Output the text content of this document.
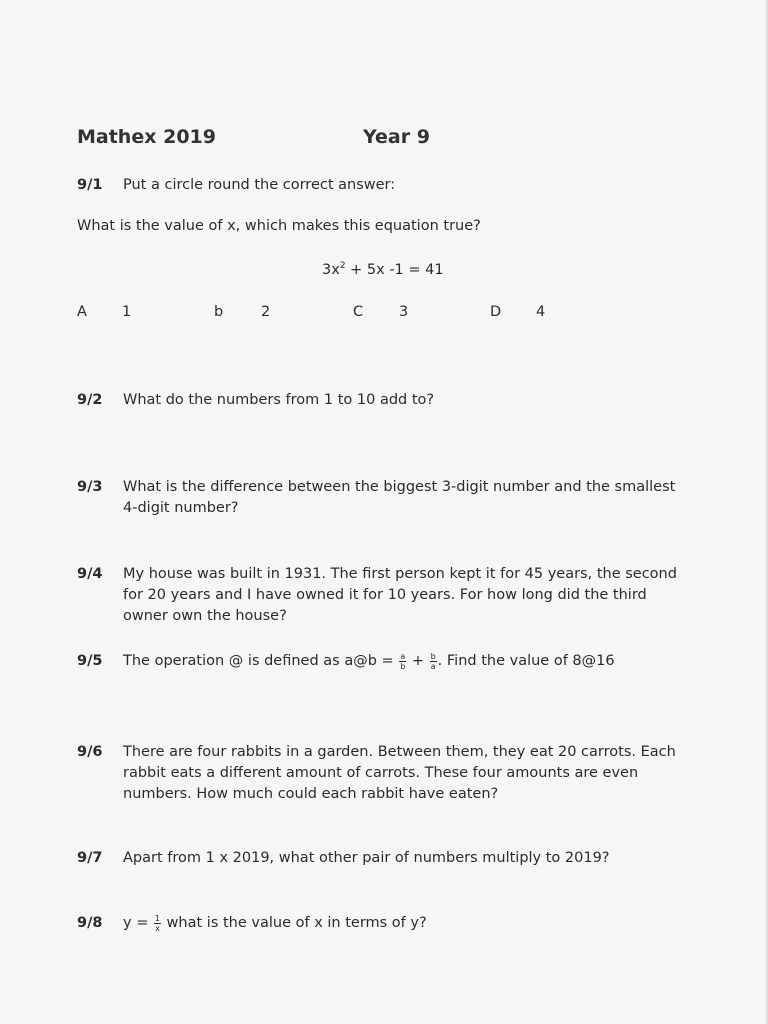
Mathex 2019	Year 9
9/1 Put a circle round the correct answer:
What is the value of x, which makes this equation true?
$3x^2 + 5x$ -1 = 41
A 1	b	2	C 3	D 4
9/2 What do the numbers from 1 to 10 add to?
9/3 What is the difference between the biggest 3-digit number and the smallest
4-digit number?
9/4 My house was built in 1931. The first person kept it for 45 years, the second
for 20 years and I have owned it for 10 years. For how long did the third
owner own the house?
9/5 The operation @ is defined as a@b = $\frac{a}{b} + \frac{b}{a}$ . Find the value of 8@16
9/6 There are four rabbits in a garden. Between them, they eat 20 carrots. Each
rabbit eats a different amount of carrots. These four amounts are even
numbers. How much could each rabbit have eaten?
9/7 Apart from 1 x 2019, what other pair of numbers multiply to 2019?
9/8 $y = \frac{1}{x}$ what is the value of x in terms of y?
